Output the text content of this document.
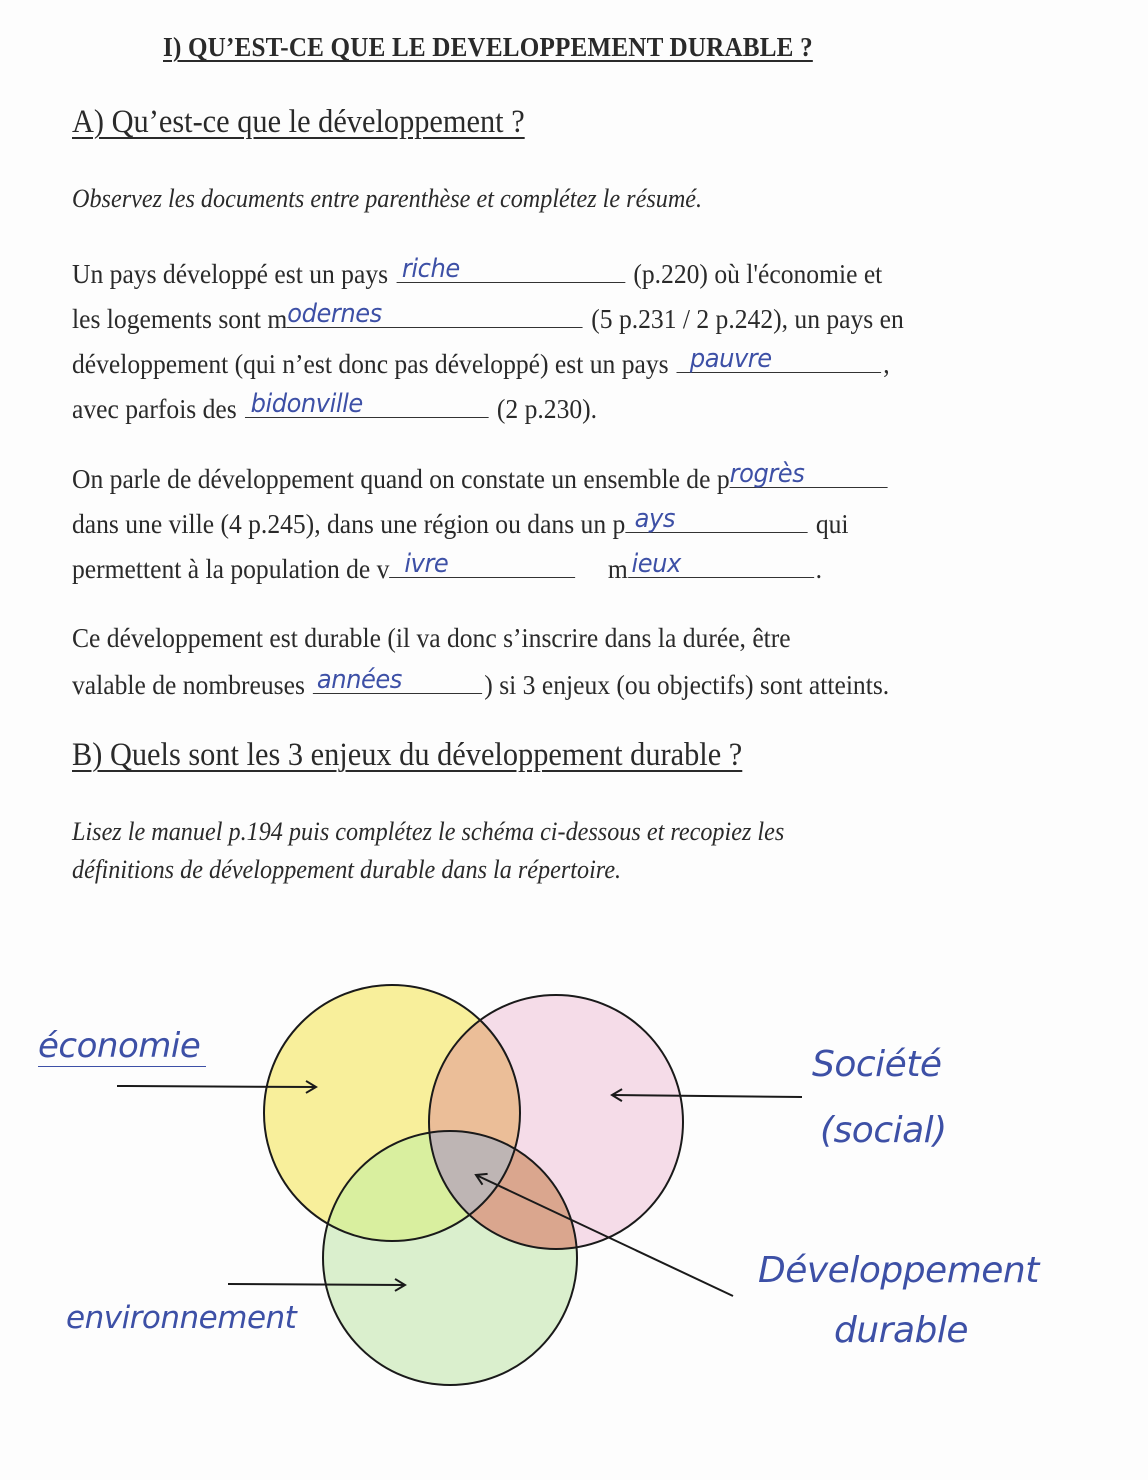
I) QU’EST-CE QUE LE DEVELOPPEMENT DURABLE ?
A) Qu’est-ce que le développement ?
Observez les documents entre parenthèse et complétez le résumé.
Un pays développé est un pays riche	(p.220) où l'économie et
les logements sont m odernes	(5 p.231 / 2 p.242), un pays en
développement (qui n’est donc pas développé) est un pays pauvre	,
avec parfois des bidonville	(2 p.230).
On parle de développement quand on constate un ensemble de p rogrès
dans une ville (4 p.245), dans une région ou dans un p ays	qui
permettent à la population de v ivre	m ieux	.
Ce développement est durable (il va donc s’inscrire dans la durée, être
valable de nombreuses années	) si 3 enjeux (ou objectifs) sont atteints.
B) Quels sont les 3 enjeux du développement durable ?
Lisez le manuel p.194 puis complétez le schéma ci-dessous et recopiez les
définitions de développement durable dans la répertoire.
économie	Société
(social)
environnement
Développement
durable
